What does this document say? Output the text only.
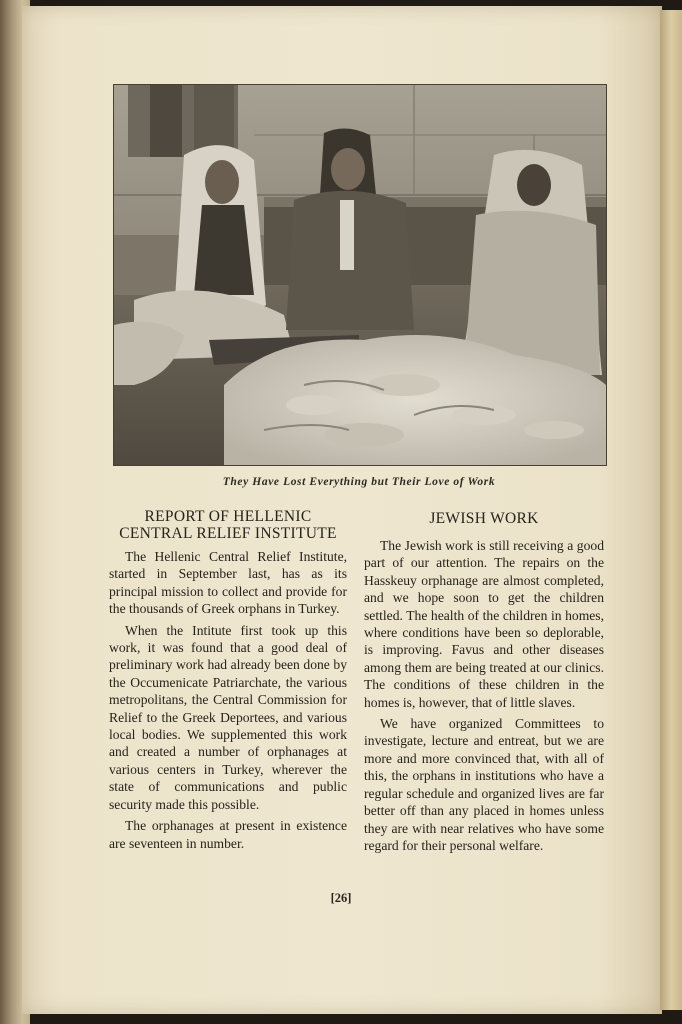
They Have Lost Everything but Their Love of Work
REPORT OF HELLENIC CENTRAL RELIEF INSTITUTE

The Hellenic Central Relief Institute, started in September last, has as its principal mission to collect and provide for the thousands of Greek orphans in Turkey.

When the Intitute first took up this work, it was found that a good deal of preliminary work had already been done by the Occumenicate Patriarchate, the various metropolitans, the Central Commission for Relief to the Greek Deportees, and various local bodies. We supplemented this work and created a number of orphanages at various centers in Turkey, wherever the state of communications and public security made this possible.

The orphanages at present in existence are seventeen in number.

JEWISH WORK

The Jewish work is still receiving a good part of our attention. The repairs on the Hasskeuy orphanage are almost completed, and we hope soon to get the children settled. The health of the children in homes, where conditions have been so deplorable, is improving. Favus and other diseases among them are being treated at our clinics. The conditions of these children in the homes is, however, that of little slaves.

We have organized Committees to investigate, lecture and entreat, but we are more and more convinced that, with all of this, the orphans in institutions who have a regular schedule and organized lives are far better off than any placed in homes unless they are with near relatives who have some regard for their personal welfare.

[26]
